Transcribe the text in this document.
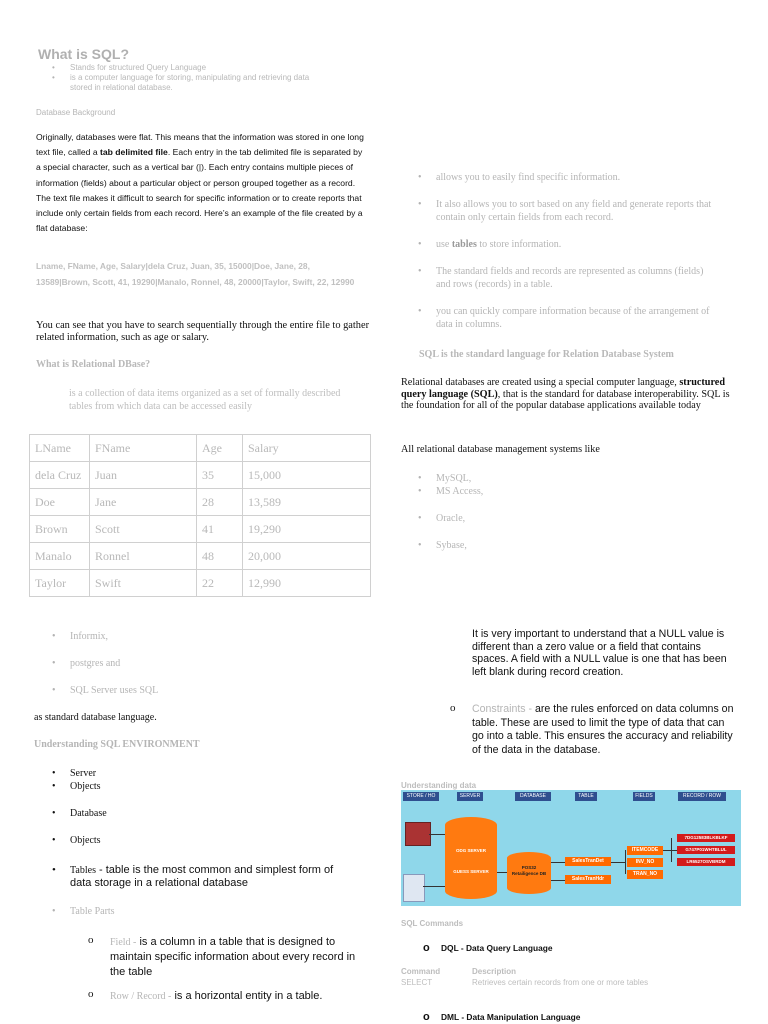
What is SQL?
• Stands for structured Query Language
• is a computer language for storing, manipulating and retrieving data
stored in relational database.
Database Background
Originally, databases were flat. This means that the information was stored in one long text file, called a tab delimited file. Each entry in the tab delimited file is separated by a special character, such as a vertical bar (|). Each entry contains multiple pieces of information (fields) about a particular object or person grouped together as a record. The text file makes it difficult to search for specific information or to create reports that include only certain fields from each record. Here’s an example of the file created by a flat database:
Lname, FName, Age, Salary|dela Cruz, Juan, 35, 15000|Doe, Jane, 28, 13589|Brown, Scott, 41, 19290|Manalo, Ronnel, 48, 20000|Taylor, Swift, 22, 12990
You can see that you have to search sequentially through the entire file to gather related information, such as age or salary.
What is Relational DBase?
is a collection of data items organized as a set of formally described tables from which data can be accessed easily
LName	FName	Age	Salary
dela Cruz	Juan	35	15,000
Doe	Jane	28	13,589
Brown	Scott	41	19,290
Manalo	Ronnel	48	20,000
Taylor	Swift	22	12,990
• Informix,
• postgres and
• SQL Server uses SQL
as standard database language.
Understanding SQL ENVIRONMENT
• Server
• Objects
• Database
• Objects
• Tables - table is the most common and simplest form of data storage in a relational database
• Table Parts
o Field - is a column in a table that is designed to maintain specific information about every record in the table
o Row / Record - is a horizontal entity in a table.
• allows you to easily find specific information.
• It also allows you to sort based on any field and generate reports that contain only certain fields from each record.
• use tables to store information.
• The standard fields and records are represented as columns (fields) and rows (records) in a table.
• you can quickly compare information because of the arrangement of data in columns.
SQL is the standard language for Relation Database System
Relational databases are created using a special computer language, structured query language (SQL), that is the standard for database interoperability. SQL is the foundation for all of the popular database applications available today
All relational database management systems like
• MySQL,
• MS Access,
• Oracle,
• Sybase,
It is very important to understand that a NULL value is different than a zero value or a field that contains spaces. A field with a NULL value is one that has been left blank during record creation.
o Constraints - are the rules enforced on data columns on table. These are used to limit the type of data that can go into a table. This ensures the accuracy and reliability of the data in the database.
Understanding data
STORE / HO	SERVER	DATABASE	TABLE	FIELDS	RECORD / ROW
ODG SERVER
GUESS SERVER
POS32 Retailigence DB
SalesTranDet
SalesTranHdr
ITEMCODE
INV_NO
TRAN_NO
7DG12583BLKBLKF
G747P01WHTBLUL
LR6527OSVBRDM
SQL Commands
o DQL - Data Query Language
Command	Description
SELECT	Retrieves certain records from one or more tables
o DML - Data Manipulation Language
